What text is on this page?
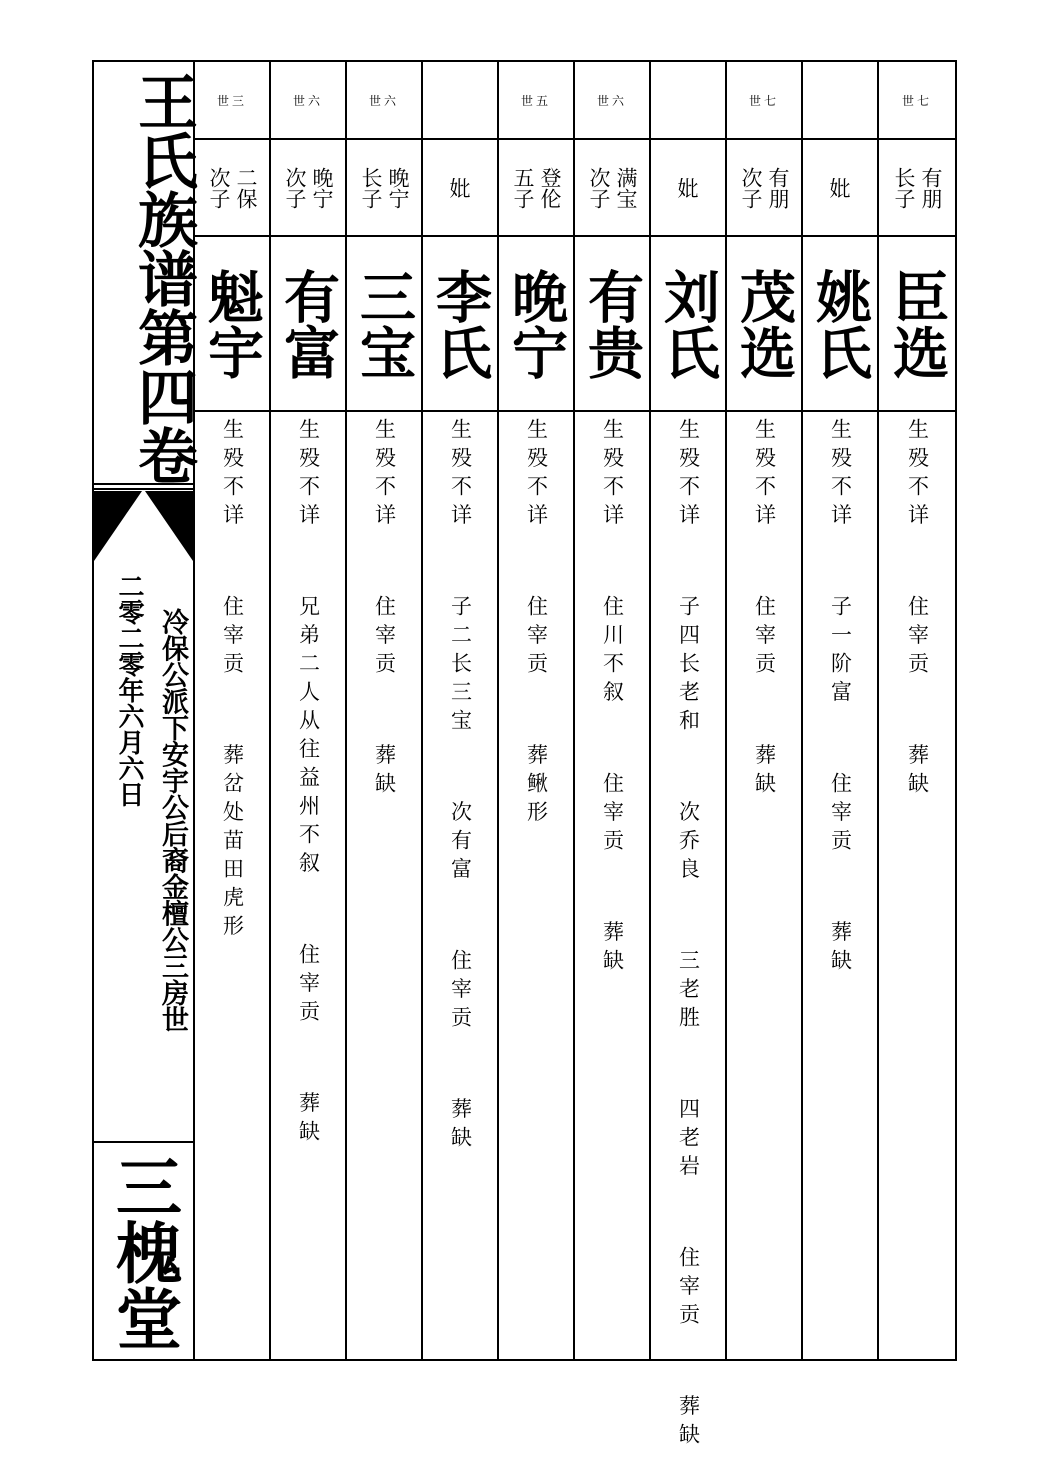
王氏族谱第四卷
冷保公派下安宇公后裔金檀公三房世
二零二零年六月六日
三槐堂
世三
二保
次子
魁宇
生殁不详  住宰贡  葬岔处苗田虎形
世六
晚宁
次子
有富
生殁不详  兄弟二人从往益州不叙  住宰贡  葬缺
世六
晚宁
长子
三宝
生殁不详  住宰贡  葬缺
妣
李氏
生殁不详  子二长三宝  次有富  住宰贡  葬缺
世五
登伦
五子
晚宁
生殁不详  住宰贡  葬鳅形
世六
满宝
次子
有贵
生殁不详  住川不叙  住宰贡  葬缺
妣
刘氏
生殁不详  子四长老和  次乔良  三老胜  四老岩  住宰贡  葬缺
世七
有朋
次子
茂选
生殁不详  住宰贡  葬缺
妣
姚氏
生殁不详  子一阶富  住宰贡  葬缺
世七
有朋
长子
臣选
生殁不详  住宰贡  葬缺
